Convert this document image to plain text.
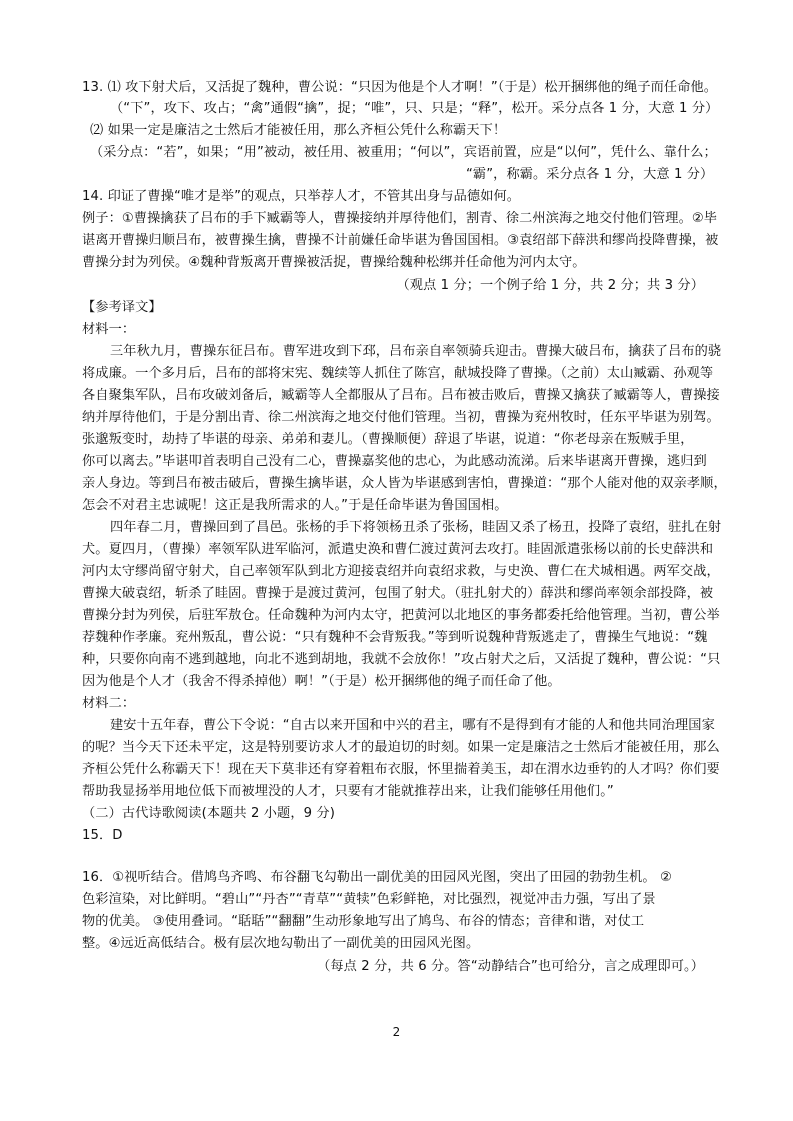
13. ⑴ 攻下射犬后，又活捉了魏种，曹公说：“只因为他是个人才啊！”（于是）松开捆绑他的绳子而任命他。
（“下”，攻下、攻占；“禽”通假“擒”，捉；“唯”，只、只是；“释”，松开。采分点各 1 分，大意 1 分）
⑵ 如果一定是廉洁之士然后才能被任用，那么齐桓公凭什么称霸天下！
（采分点：“若”，如果；“用”被动，被任用、被重用；“何以”，宾语前置，应是“以何”，凭什么、靠什么；
“霸”，称霸。采分点各 1 分，大意 1 分）
14. 印证了曹操“唯才是举”的观点，只举荐人才，不管其出身与品德如何。
例子：①曹操擒获了吕布的手下臧霸等人，曹操接纳并厚待他们，割青、徐二州滨海之地交付他们管理。②毕
谌离开曹操归顺吕布，被曹操生擒，曹操不计前嫌任命毕谌为鲁国国相。③袁绍部下薛洪和缪尚投降曹操，被
曹操分封为列侯。④魏种背叛离开曹操被活捉，曹操给魏种松绑并任命他为河内太守。
（观点 1 分；一个例子给 1 分，共 2 分；共 3 分）
【参考译文】
材料一：
三年秋九月，曹操东征吕布。曹军进攻到下邳，吕布亲自率领骑兵迎击。曹操大破吕布，擒获了吕布的骁
将成廉。一个多月后，吕布的部将宋宪、魏续等人抓住了陈宫，献城投降了曹操。（之前）太山臧霸、孙观等
各自聚集军队，吕布攻破刘备后，臧霸等人全都服从了吕布。吕布被击败后，曹操又擒获了臧霸等人，曹操接
纳并厚待他们，于是分割出青、徐二州滨海之地交付他们管理。当初，曹操为兖州牧时，任东平毕谌为别驾。
张邈叛变时，劫持了毕谌的母亲、弟弟和妻儿。（曹操顺便）辞退了毕谌，说道：“你老母亲在叛贼手里，
你可以离去。”毕谌叩首表明自己没有二心，曹操嘉奖他的忠心，为此感动流涕。后来毕谌离开曹操，逃归到
亲人身边。等到吕布被击破后，曹操生擒毕谌，众人皆为毕谌感到害怕，曹操道：“那个人能对他的双亲孝顺，
怎会不对君主忠诚呢！这正是我所需求的人。”于是任命毕谌为鲁国国相。
四年春二月，曹操回到了昌邑。张杨的手下将领杨丑杀了张杨，眭固又杀了杨丑，投降了袁绍，驻扎在射
犬。夏四月，（曹操）率领军队进军临河，派遣史涣和曹仁渡过黄河去攻打。眭固派遣张杨以前的长史薛洪和
河内太守缪尚留守射犬，自己率领军队到北方迎接袁绍并向袁绍求救，与史涣、曹仁在犬城相遇。两军交战，
曹操大破袁绍，斩杀了眭固。曹操于是渡过黄河，包围了射犬。（驻扎射犬的）薛洪和缪尚率领余部投降，被
曹操分封为列侯，后驻军敖仓。任命魏种为河内太守，把黄河以北地区的事务都委托给他管理。当初，曹公举
荐魏种作孝廉。兖州叛乱，曹公说：“只有魏种不会背叛我。”等到听说魏种背叛逃走了，曹操生气地说：“魏
种，只要你向南不逃到越地，向北不逃到胡地，我就不会放你！”攻占射犬之后，又活捉了魏种，曹公说：“只
因为他是个人才（我舍不得杀掉他）啊！”（于是）松开捆绑他的绳子而任命了他。
材料二：
建安十五年春，曹公下令说：“自古以来开国和中兴的君主，哪有不是得到有才能的人和他共同治理国家
的呢？当今天下还未平定，这是特别要访求人才的最迫切的时刻。如果一定是廉洁之士然后才能被任用，那么
齐桓公凭什么称霸天下！现在天下莫非还有穿着粗布衣服，怀里揣着美玉，却在渭水边垂钓的人才吗？你们要
帮助我显扬举用地位低下而被埋没的人才，只要有才能就推荐出来，让我们能够任用他们。”
（二）古代诗歌阅读(本题共 2 小题，9 分)
15．D
16．①视听结合。借鸠鸟齐鸣、布谷翻飞勾勒出一副优美的田园风光图，突出了田园的勃勃生机。 ②
色彩渲染，对比鲜明。“碧山”“丹杏”“青草”“黄犊”色彩鲜艳，对比强烈，视觉冲击力强，写出了景
物的优美。 ③使用叠词。“聒聒”“翻翻”生动形象地写出了鸠鸟、布谷的情态；音律和谐，对仗工
整。④远近高低结合。极有层次地勾勒出了一副优美的田园风光图。
（每点 2 分，共 6 分。答“动静结合”也可给分，言之成理即可。）
2
